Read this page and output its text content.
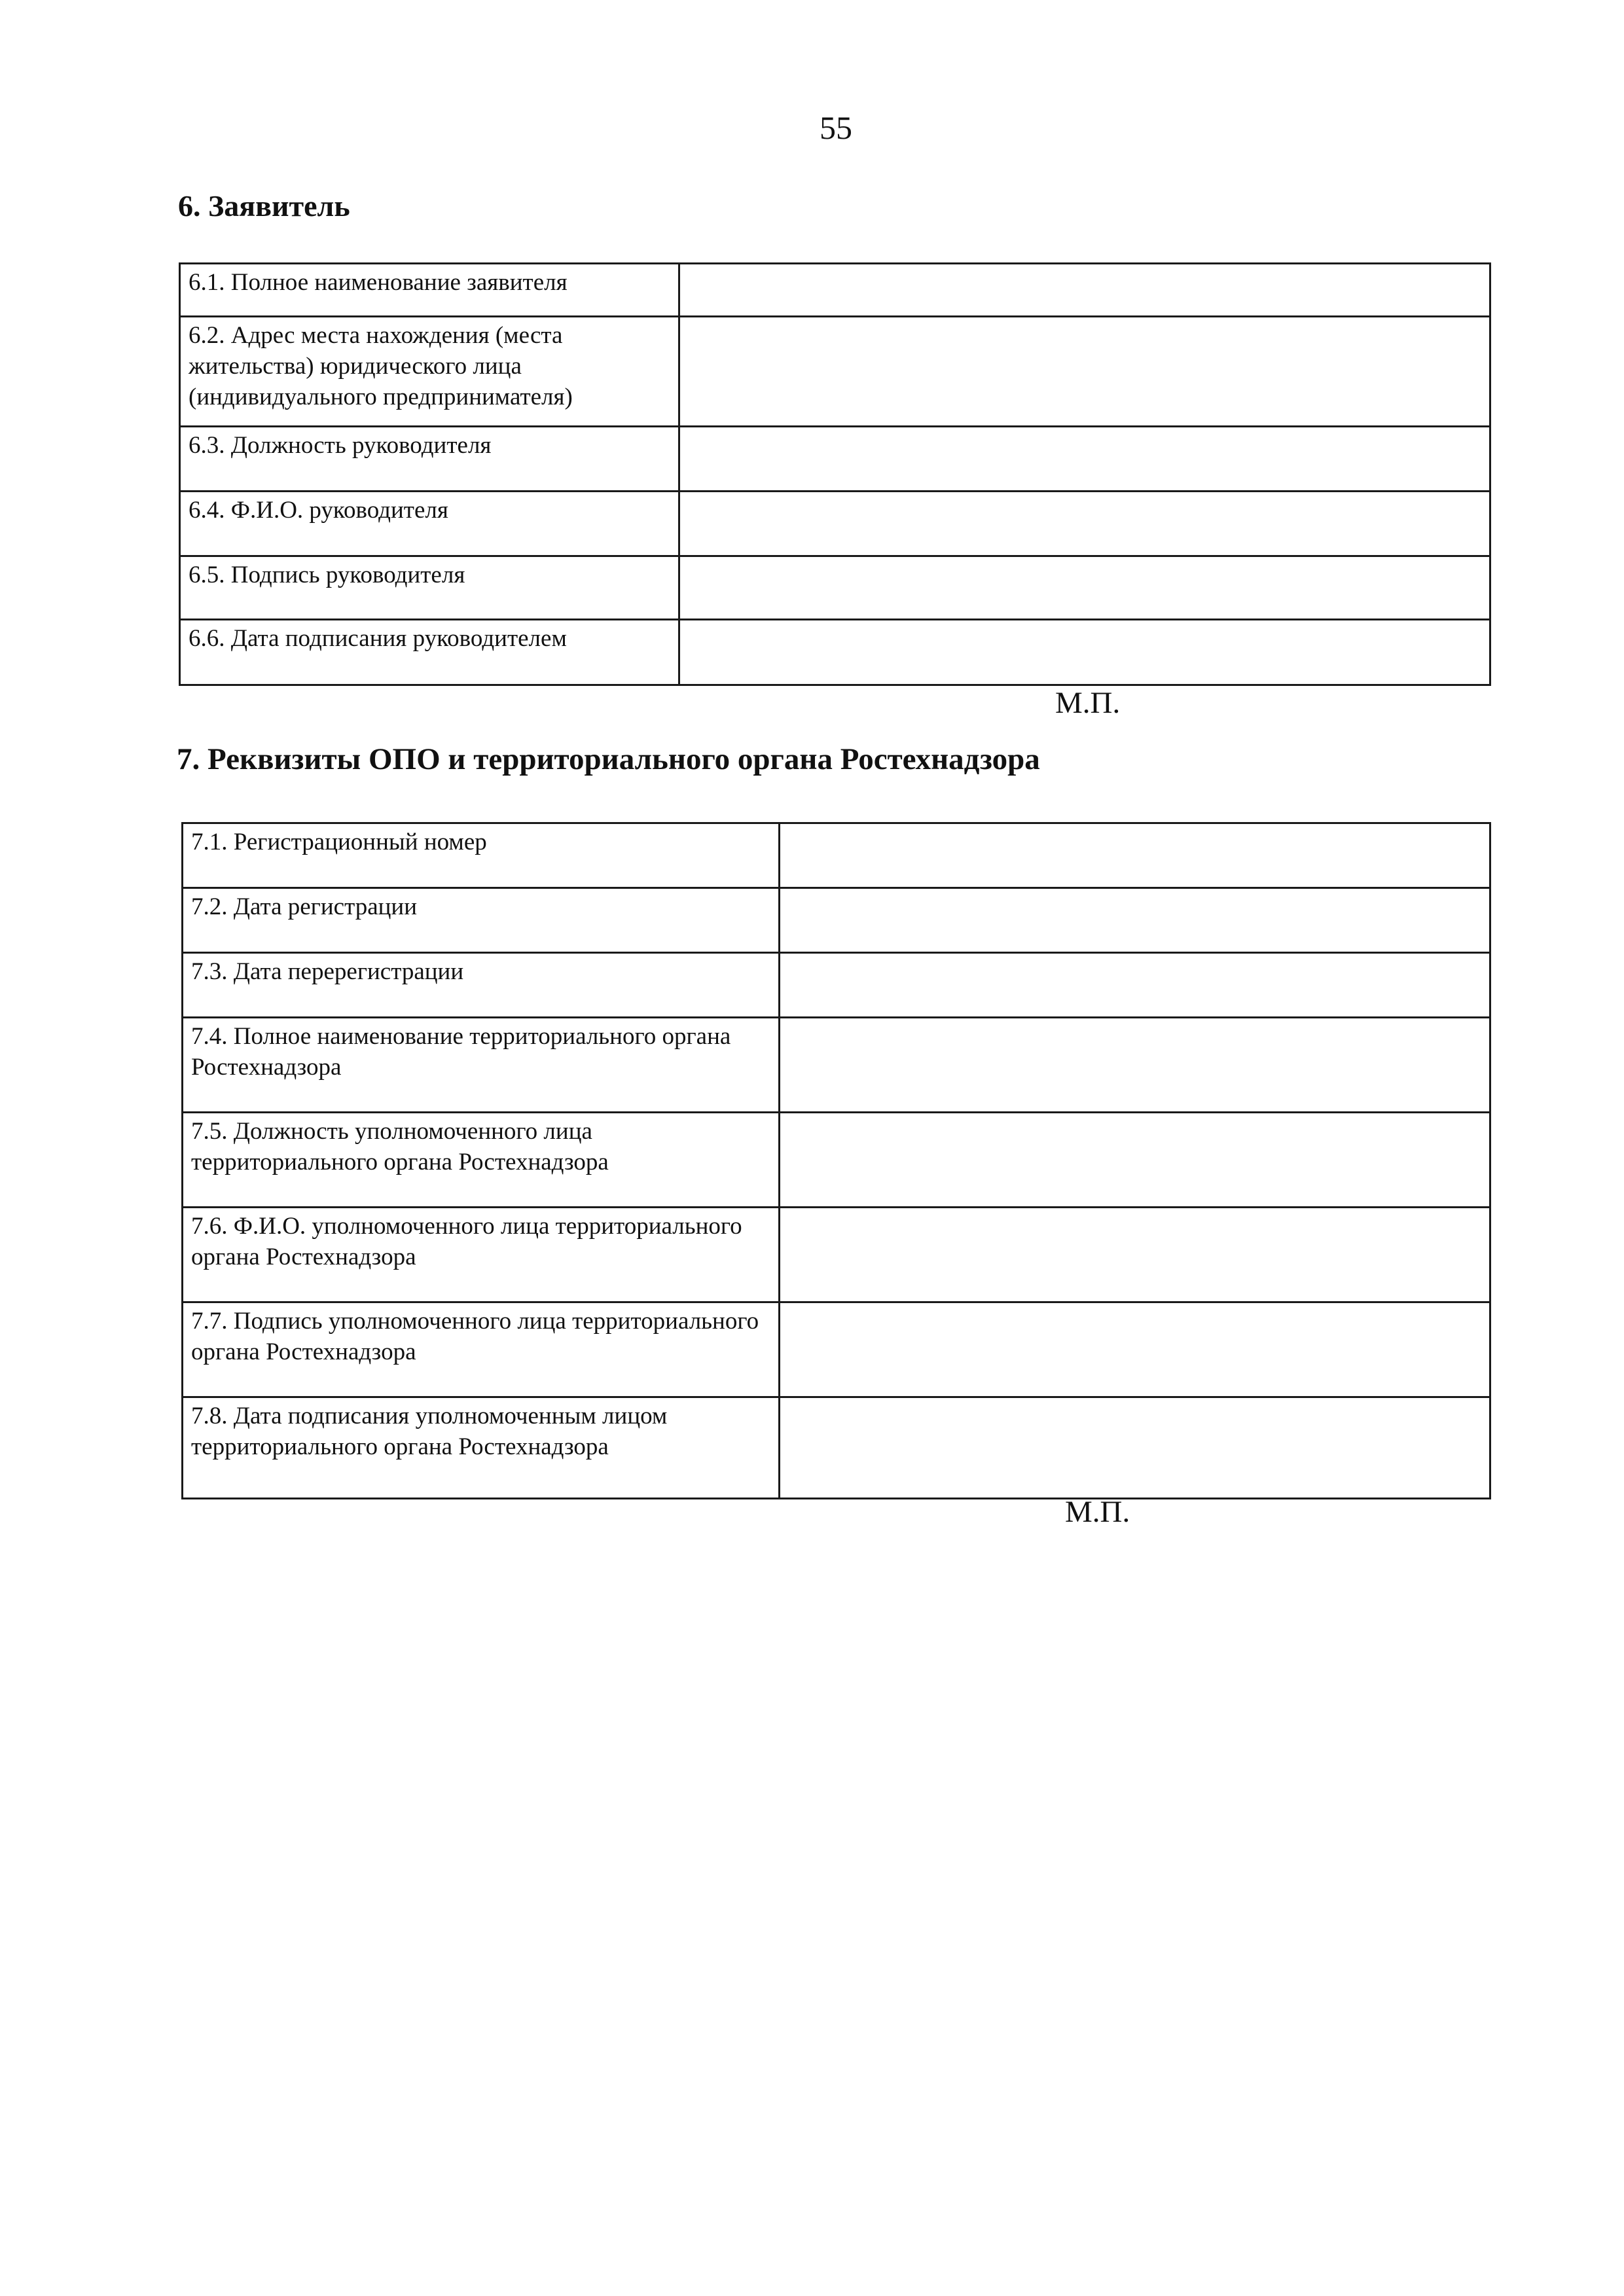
55
6. Заявитель
6.1. Полное наименование заявителя	
6.2. Адрес места нахождения (места жительства) юридического лица (индивидуального предпринимателя)	
6.3. Должность руководителя	
6.4. Ф.И.О. руководителя	
6.5. Подпись руководителя	
6.6. Дата подписания руководителем	
М.П.
7. Реквизиты ОПО и территориального органа Ростехнадзора
7.1. Регистрационный номер	
7.2. Дата регистрации	
7.3. Дата перерегистрации	
7.4. Полное наименование территориального органа Ростехнадзора	
7.5. Должность уполномоченного лица территориального органа Ростехнадзора	
7.6. Ф.И.О. уполномоченного лица территориального органа Ростехнадзора	
7.7. Подпись уполномоченного лица территориального органа Ростехнадзора	
7.8. Дата подписания уполномоченным лицом территориального органа Ростехнадзора	
М.П.
